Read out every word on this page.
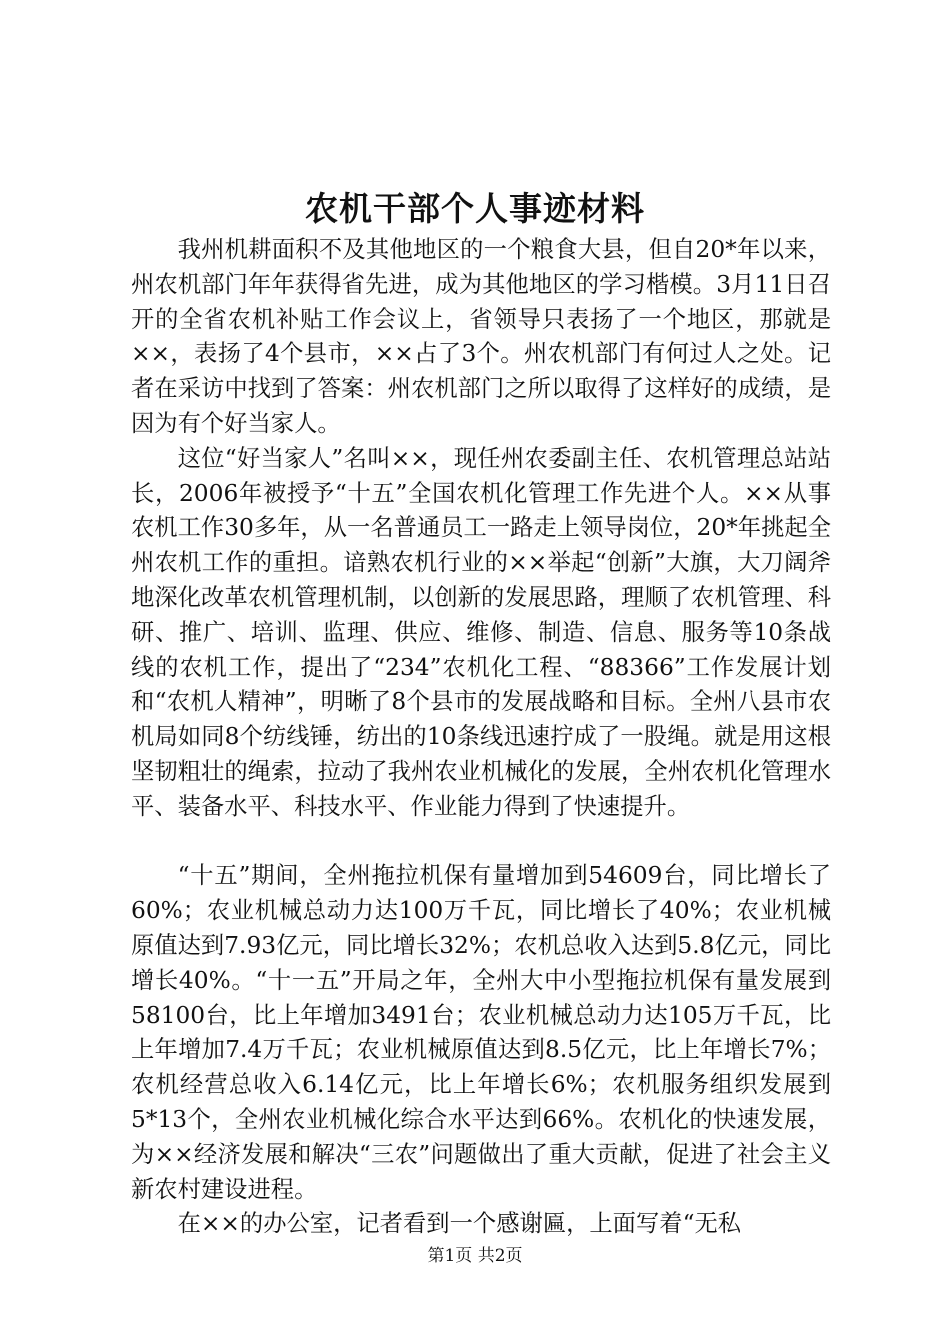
农机干部个人事迹材料

我州机耕面积不及其他地区的一个粮食大县，但自20*年以来，州农机部门年年获得省先进，成为其他地区的学习楷模。3月11日召开的全省农机补贴工作会议上，省领导只表扬了一个地区，那就是××，表扬了4个县市，××占了3个。州农机部门有何过人之处。记者在采访中找到了答案：州农机部门之所以取得了这样好的成绩，是因为有个好当家人。

这位“好当家人”名叫××，现任州农委副主任、农机管理总站站长，2006年被授予“十五”全国农机化管理工作先进个人。××从事农机工作30多年，从一名普通员工一路走上领导岗位，20*年挑起全州农机工作的重担。谙熟农机行业的××举起“创新”大旗，大刀阔斧地深化改革农机管理机制，以创新的发展思路，理顺了农机管理、科研、推广、培训、监理、供应、维修、制造、信息、服务等10条战线的农机工作，提出了“234”农机化工程、“88366”工作发展计划和“农机人精神”，明晰了8个县市的发展战略和目标。全州八县市农机局如同8个纺线锤，纺出的10条线迅速拧成了一股绳。就是用这根坚韧粗壮的绳索，拉动了我州农业机械化的发展，全州农机化管理水平、装备水平、科技水平、作业能力得到了快速提升。

“十五”期间，全州拖拉机保有量增加到54609台，同比增长了60%；农业机械总动力达100万千瓦，同比增长了40%；农业机械原值达到7.93亿元，同比增长32%；农机总收入达到5.8亿元，同比增长40%。“十一五”开局之年，全州大中小型拖拉机保有量发展到58100台，比上年增加3491台；农业机械总动力达105万千瓦，比上年增加7.4万千瓦；农业机械原值达到8.5亿元，比上年增长7%；农机经营总收入6.14亿元，比上年增长6%；农机服务组织发展到5*13个，全州农业机械化综合水平达到66%。农机化的快速发展，为××经济发展和解决“三农”问题做出了重大贡献，促进了社会主义新农村建设进程。

在××的办公室，记者看到一个感谢匾，上面写着“无私

第1页 共2页
